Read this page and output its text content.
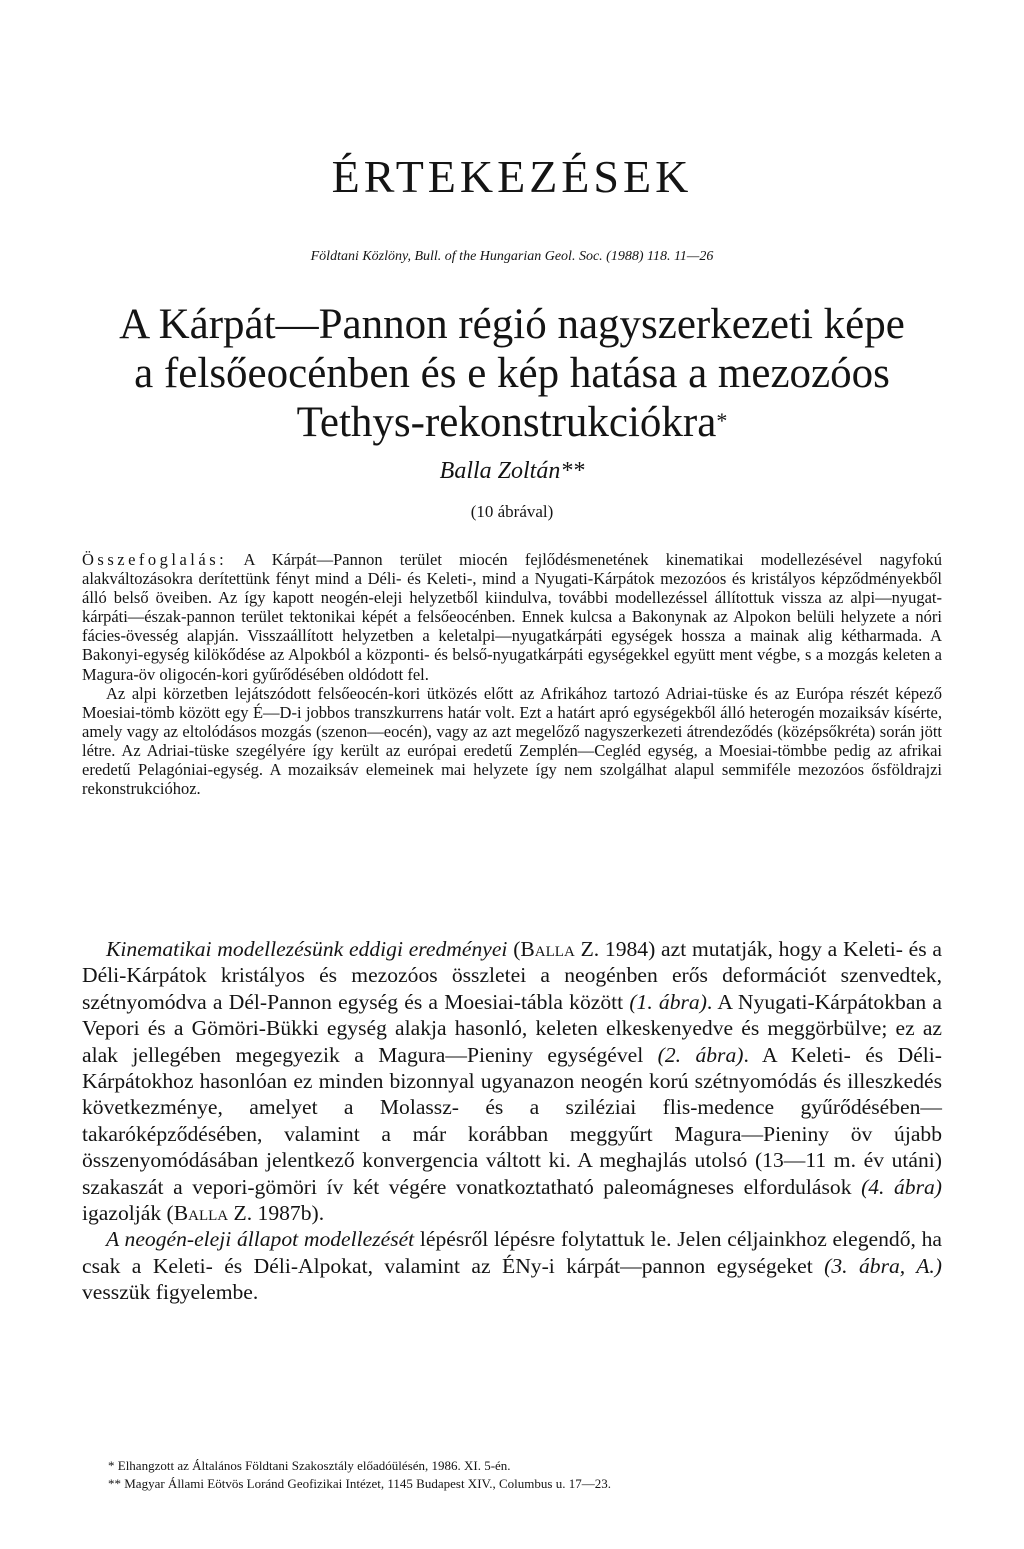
ÉRTEKEZÉSEK
Földtani Közlöny, Bull. of the Hungarian Geol. Soc. (1988) 118. 11—26
A Kárpát—Pannon régió nagyszerkezeti képe
a felsőeocénben és e kép hatása a mezozóos
Tethys-rekonstrukciókra*
Balla Zoltán**
(10 ábrával)

Összefoglalás: A Kárpát—Pannon terület miocén fejlődésmenetének kinematikai modellezésével nagyfokú alakváltozásokra derítettünk fényt mind a Déli- és Keleti-, mind a Nyugati-Kárpátok mezozóos és kristályos képződményekből álló belső öveiben. Az így kapott neogén-eleji helyzetből kiindulva, további modellezéssel állítottuk vissza az alpi—nyugat-kárpáti—észak-pannon terület tektonikai képét a felsőeocénben. Ennek kulcsa a Bakonynak az Alpokon belüli helyzete a nóri fácies-övesség alapján. Visszaállított helyzetben a keletalpi—nyugatkárpáti egységek hossza a mainak alig kétharmada. A Bakonyi-egység kilökődése az Alpokból a központi- és belső-nyugatkárpáti egységekkel együtt ment végbe, s a mozgás keleten a Magura-öv oligocén-kori gyűrődésében oldódott fel.

Az alpi körzetben lejátszódott felsőeocén-kori ütközés előtt az Afrikához tartozó Adriai-tüske és az Európa részét képező Moesiai-tömb között egy É—D-i jobbos transzkurrens határ volt. Ezt a határt apró egységekből álló heterogén mozaiksáv kísérte, amely vagy az eltolódásos mozgás (szenon—eocén), vagy az azt megelőző nagyszerkezeti átrendeződés (középsőkréta) során jött létre. Az Adriai-tüske szegélyére így került az európai eredetű Zemplén—Cegléd egység, a Moesiai-tömbbe pedig az afrikai eredetű Pelagóniai-egység. A mozaiksáv elemeinek mai helyzete így nem szolgálhat alapul semmiféle mezozóos ősföldrajzi rekonstrukcióhoz.

Kinematikai modellezésünk eddigi eredményei (Balla Z. 1984) azt mutatják, hogy a Keleti- és a Déli-Kárpátok kristályos és mezozóos összletei a neogénben erős deformációt szenvedtek, szétnyomódva a Dél-Pannon egység és a Moesiai-tábla között (1. ábra). A Nyugati-Kárpátokban a Vepori és a Gömöri-Bükki egység alakja hasonló, keleten elkeskenyedve és meggörbülve; ez az alak jellegében megegyezik a Magura—Pieniny egységével (2. ábra). A Keleti- és Déli-Kárpátokhoz hasonlóan ez minden bizonnyal ugyanazon neogén korú szétnyomódás és illeszkedés következménye, amelyet a Molassz- és a sziléziai flis-medence gyűrődésében—takaróképződésében, valamint a már korábban meggyűrt Magura—Pieniny öv újabb összenyomódásában jelentkező konvergencia váltott ki. A meghajlás utolsó (13—11 m. év utáni) szakaszát a vepori-gömöri ív két végére vonatkoztatható paleomágneses elfordulások (4. ábra) igazolják (Balla Z. 1987b).

A neogén-eleji állapot modellezését lépésről lépésre folytattuk le. Jelen céljainkhoz elegendő, ha csak a Keleti- és Déli-Alpokat, valamint az ÉNy-i kárpát—pannon egységeket (3. ábra, A.) vesszük figyelembe.

* Elhangzott az Általános Földtani Szakosztály előadóülésén, 1986. XI. 5-én.
** Magyar Állami Eötvös Loránd Geofizikai Intézet, 1145 Budapest XIV., Columbus u. 17—23.
